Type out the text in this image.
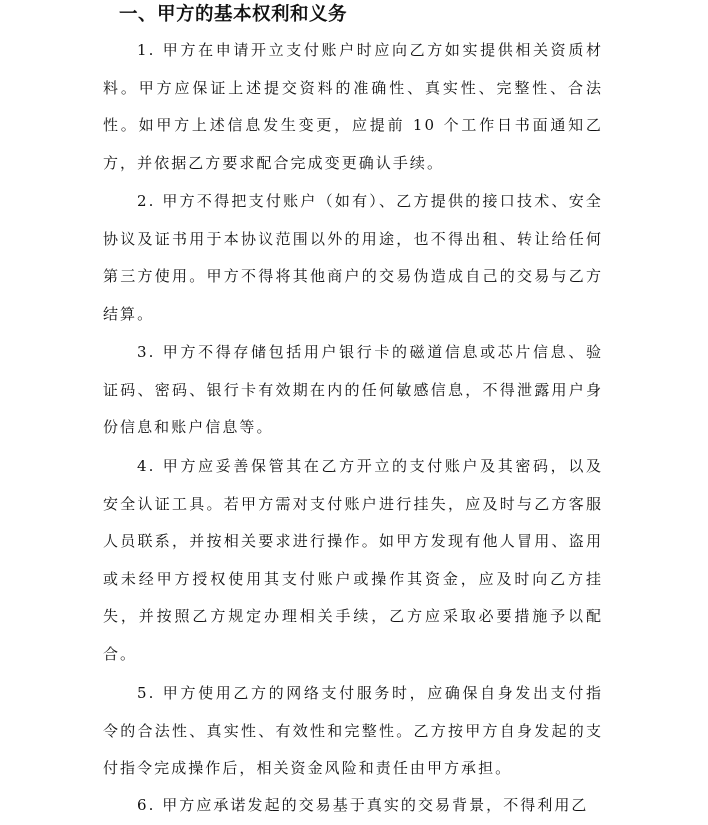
一、甲方的基本权利和义务

1. 甲方在申请开立支付账户时应向乙方如实提供相关资质材料。甲方应保证上述提交资料的准确性、真实性、完整性、合法性。如甲方上述信息发生变更，应提前 10 个工作日书面通知乙方，并依据乙方要求配合完成变更确认手续。

2. 甲方不得把支付账户（如有）、乙方提供的接口技术、安全协议及证书用于本协议范围以外的用途，也不得出租、转让给任何第三方使用。甲方不得将其他商户的交易伪造成自己的交易与乙方结算。

3. 甲方不得存储包括用户银行卡的磁道信息或芯片信息、验证码、密码、银行卡有效期在内的任何敏感信息，不得泄露用户身份信息和账户信息等。

4. 甲方应妥善保管其在乙方开立的支付账户及其密码，以及安全认证工具。若甲方需对支付账户进行挂失，应及时与乙方客服人员联系，并按相关要求进行操作。如甲方发现有他人冒用、盗用或未经甲方授权使用其支付账户或操作其资金，应及时向乙方挂失，并按照乙方规定办理相关手续，乙方应采取必要措施予以配合。

5. 甲方使用乙方的网络支付服务时，应确保自身发出支付指令的合法性、真实性、有效性和完整性。乙方按甲方自身发起的支付指令完成操作后，相关资金风险和责任由甲方承担。

6. 甲方应承诺发起的交易基于真实的交易背景，不得利用乙
